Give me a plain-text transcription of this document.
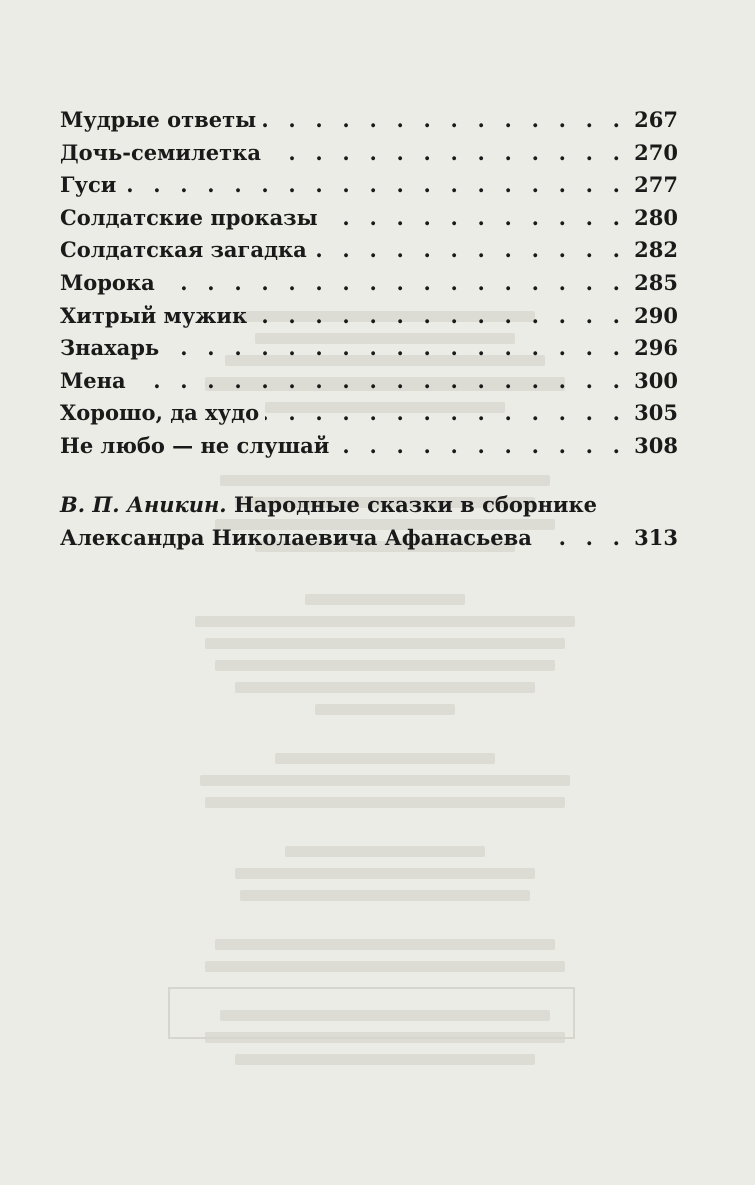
Мудрые ответы . . .	267
Дочь-семилетка . . .	270
Гуси . . .	277
Солдатские проказы . . .	280
Солдатская загадка . . .	282
Морока . . .	285
Хитрый мужик . . .	290
Знахарь . . .	296
Мена . . .	300
Хорошо, да худо . . .	305
Не любо — не слушай . . .	308
В. П. Аникин. Народные сказки в сборнике
Александра Николаевича Афанасьева . . .	313
